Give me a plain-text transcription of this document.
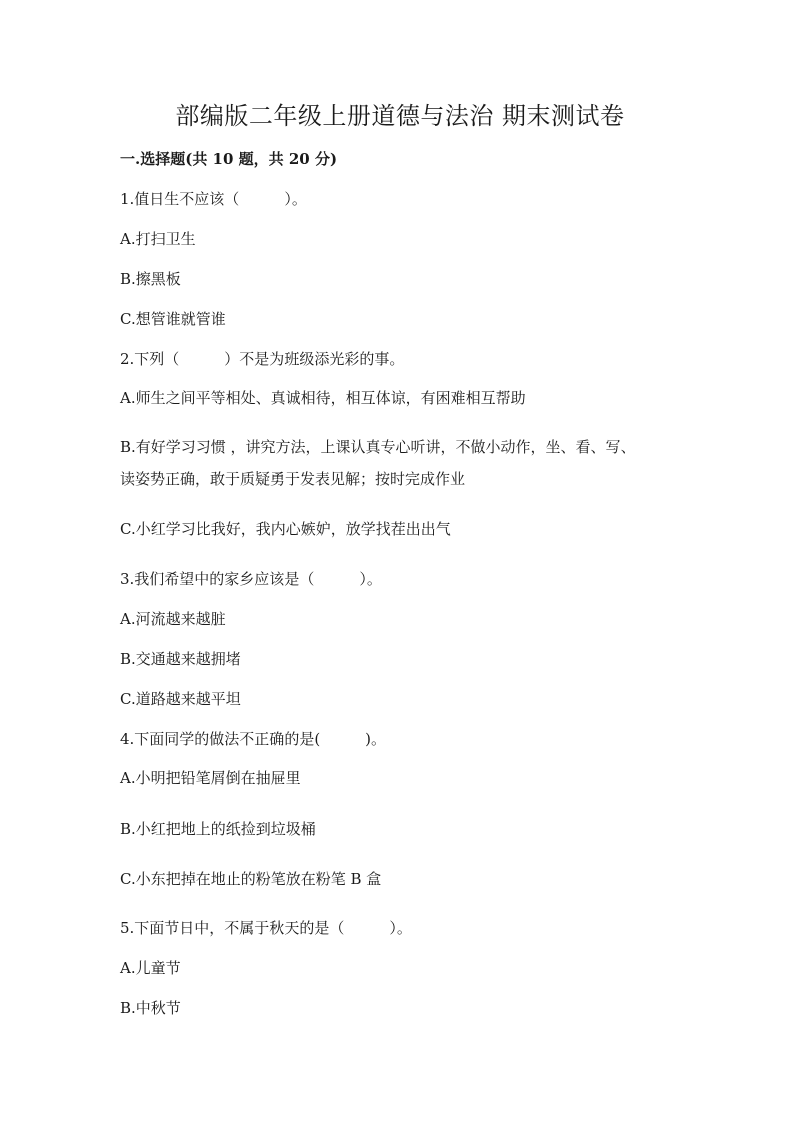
部编版二年级上册道德与法治 期末测试卷
一.选择题(共 10 题，共 20 分)
1.值日生不应该（　　　）。
A.打扫卫生
B.擦黑板
C.想管谁就管谁
2.下列（　　　）不是为班级添光彩的事。
A.师生之间平等相处、真诚相待，相互体谅，有困难相互帮助
B.有好学习习惯 ，讲究方法，上课认真专心听讲，不做小动作，坐、看、写、
读姿势正确，敢于质疑勇于发表见解；按时完成作业
C.小红学习比我好，我内心嫉妒，放学找茬出出气
3.我们希望中的家乡应该是（　　　）。
A.河流越来越脏
B.交通越来越拥堵
C.道路越来越平坦
4.下面同学的做法不正确的是(　　　)。
A.小明把铅笔屑倒在抽屉里
B.小红把地上的纸捡到垃圾桶
C.小东把掉在地止的粉笔放在粉笔 B 盒
5.下面节日中，不属于秋天的是（　　　）。
A.儿童节
B.中秋节
